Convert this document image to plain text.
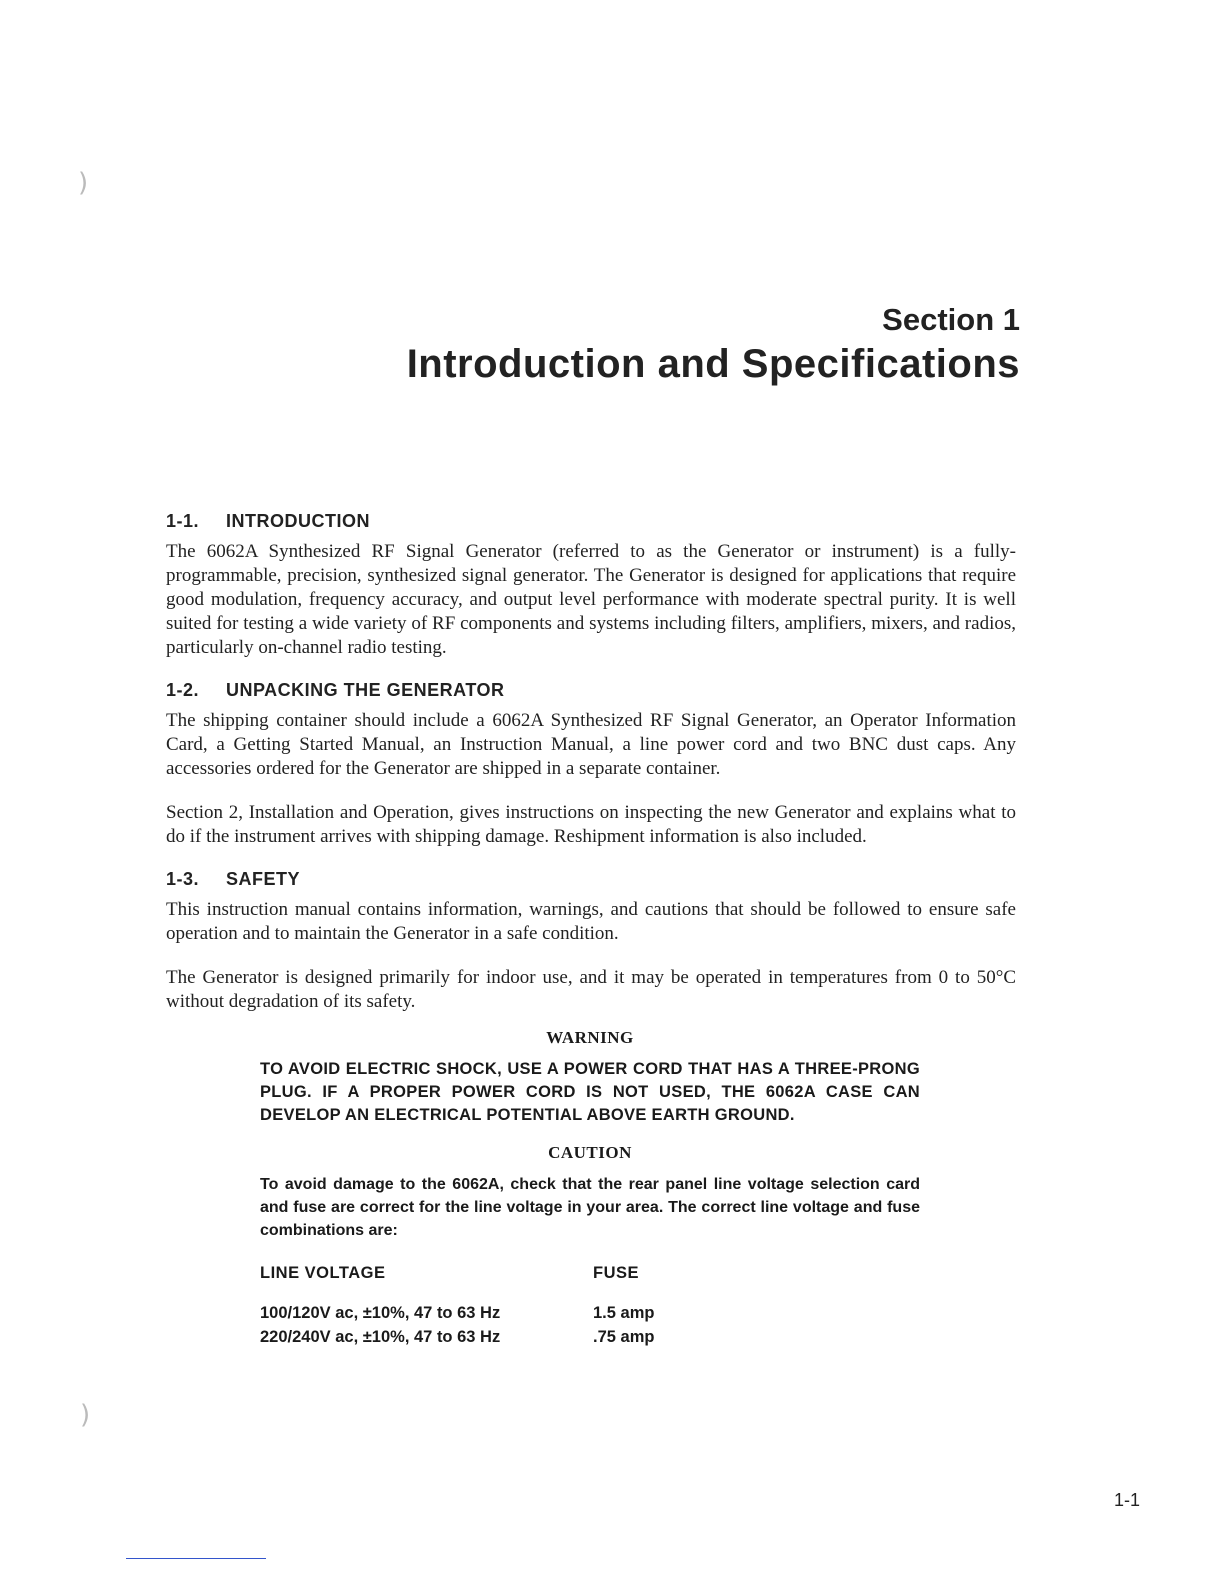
)
)
Section 1
Introduction and Specifications
1-1. INTRODUCTION

The 6062A Synthesized RF Signal Generator (referred to as the Generator or instrument) is a fully-programmable, precision, synthesized signal generator. The Generator is designed for applications that require good modulation, frequency accuracy, and output level performance with moderate spectral purity. It is well suited for testing a wide variety of RF components and systems including filters, amplifiers, mixers, and radios, particularly on-channel radio testing.

1-2. UNPACKING THE GENERATOR

The shipping container should include a 6062A Synthesized RF Signal Generator, an Operator Information Card, a Getting Started Manual, an Instruction Manual, a line power cord and two BNC dust caps. Any accessories ordered for the Generator are shipped in a separate container.

Section 2, Installation and Operation, gives instructions on inspecting the new Generator and explains what to do if the instrument arrives with shipping damage. Reshipment information is also included.

1-3. SAFETY

This instruction manual contains information, warnings, and cautions that should be followed to ensure safe operation and to maintain the Generator in a safe condition.

The Generator is designed primarily for indoor use, and it may be operated in temperatures from 0 to 50°C without degradation of its safety.

WARNING
TO AVOID ELECTRIC SHOCK, USE A POWER CORD THAT HAS A THREE-PRONG PLUG. IF A PROPER POWER CORD IS NOT USED, THE 6062A CASE CAN DEVELOP AN ELECTRICAL POTENTIAL ABOVE EARTH GROUND.
CAUTION
To avoid damage to the 6062A, check that the rear panel line voltage selection card and fuse are correct for the line voltage in your area. The correct line voltage and fuse combinations are:
LINE VOLTAGE	FUSE
100/120V ac, ±10%, 47 to 63 Hz	1.5 amp
220/240V ac, ±10%, 47 to 63 Hz	.75 amp
1-1
